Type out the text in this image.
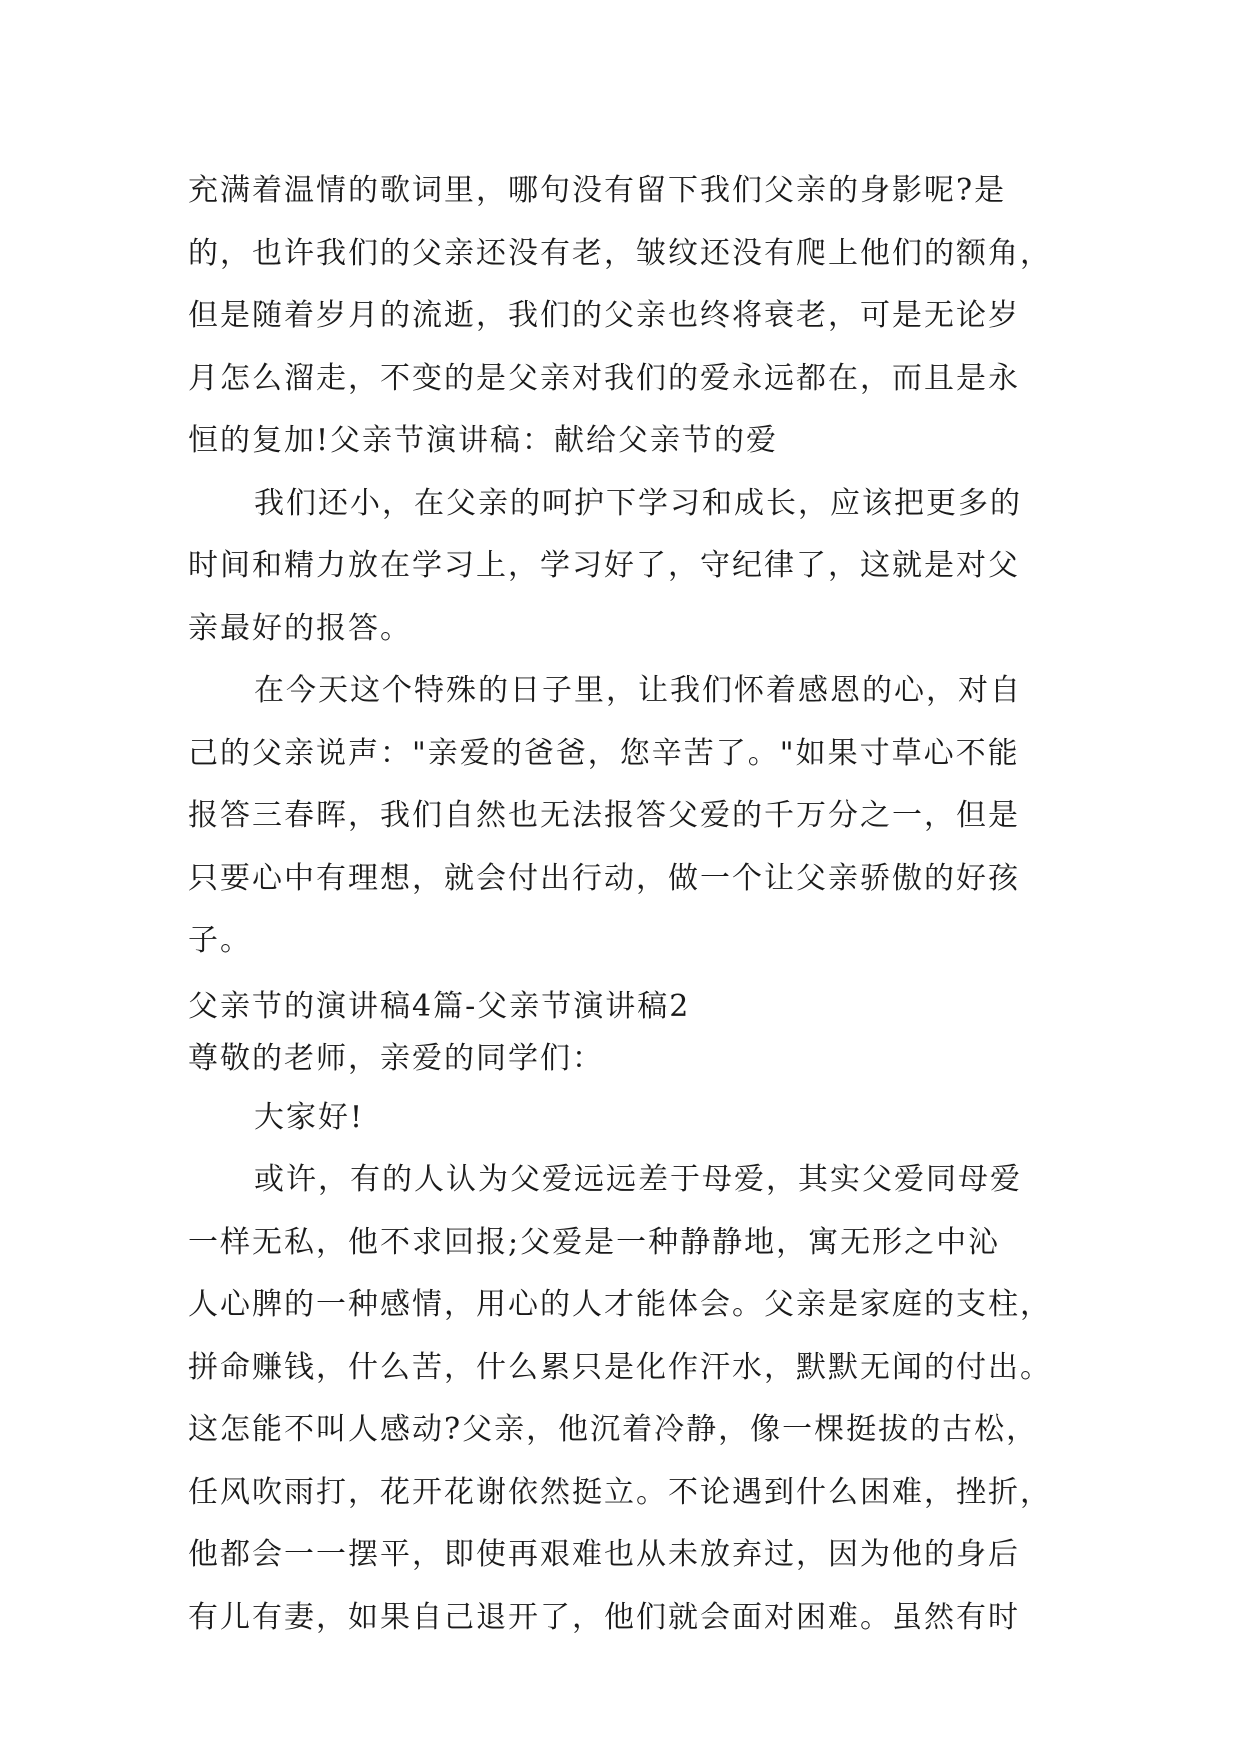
充满着温情的歌词里，哪句没有留下我们父亲的身影呢?是
的，也许我们的父亲还没有老，皱纹还没有爬上他们的额角，
但是随着岁月的流逝，我们的父亲也终将衰老，可是无论岁
月怎么溜走，不变的是父亲对我们的爱永远都在，而且是永
恒的复加!父亲节演讲稿：献给父亲节的爱
我们还小，在父亲的呵护下学习和成长，应该把更多的
时间和精力放在学习上，学习好了，守纪律了，这就是对父
亲最好的报答。
在今天这个特殊的日子里，让我们怀着感恩的心，对自
己的父亲说声："亲爱的爸爸，您辛苦了。"如果寸草心不能
报答三春晖，我们自然也无法报答父爱的千万分之一，但是
只要心中有理想，就会付出行动，做一个让父亲骄傲的好孩
子。
父亲节的演讲稿4篇-父亲节演讲稿2
尊敬的老师，亲爱的同学们：
大家好!
或许，有的人认为父爱远远差于母爱，其实父爱同母爱
一样无私，他不求回报;父爱是一种静静地，寓无形之中沁
人心脾的一种感情，用心的人才能体会。父亲是家庭的支柱，
拼命赚钱，什么苦，什么累只是化作汗水，默默无闻的付出。
这怎能不叫人感动?父亲，他沉着冷静，像一棵挺拔的古松，
任风吹雨打，花开花谢依然挺立。不论遇到什么困难，挫折，
他都会一一摆平，即使再艰难也从未放弃过，因为他的身后
有儿有妻，如果自己退开了，他们就会面对困难。虽然有时
